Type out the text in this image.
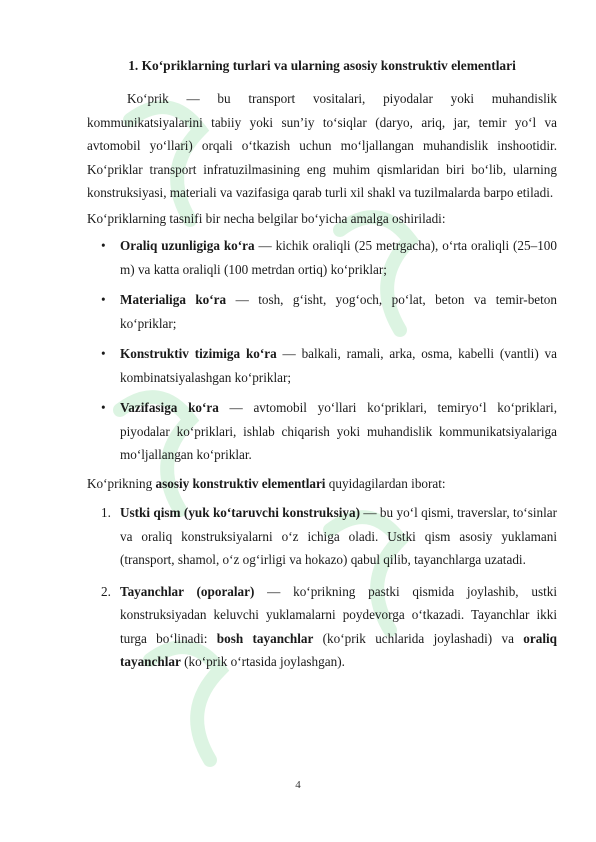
1. Ko‘priklarning turlari va ularning asosiy konstruktiv elementlari

Ko‘prik — bu transport vositalari, piyodalar yoki muhandislik kommunikatsiyalarini tabiiy yoki sun’iy to‘siqlar (daryo, ariq, jar, temir yo‘l va avtomobil yo‘llari) orqali o‘tkazish uchun mo‘ljallangan muhandislik inshootidir. Ko‘priklar transport infratuzilmasining eng muhim qismlaridan biri bo‘lib, ularning konstruksiyasi, materiali va vazifasiga qarab turli xil shakl va tuzilmalarda barpo etiladi.

Ko‘priklarning tasnifi bir necha belgilar bo‘yicha amalga oshiriladi:

• Oraliq uzunligiga ko‘ra — kichik oraliqli (25 metrgacha), o‘rta oraliqli (25–100 m) va katta oraliqli (100 metrdan ortiq) ko‘priklar;
• Materialiga ko‘ra — tosh, g‘isht, yog‘och, po‘lat, beton va temir-beton ko‘priklar;
• Konstruktiv tizimiga ko‘ra — balkali, ramali, arka, osma, kabelli (vantli) va kombinatsiyalashgan ko‘priklar;
• Vazifasiga ko‘ra — avtomobil yo‘llari ko‘priklari, temiryo‘l ko‘priklari, piyodalar ko‘priklari, ishlab chiqarish yoki muhandislik kommunikatsiyalariga mo‘ljallangan ko‘priklar.

Ko‘prikning asosiy konstruktiv elementlari quyidagilardan iborat:

1. Ustki qism (yuk ko‘taruvchi konstruksiya) — bu yo‘l qismi, traverslar, to‘sinlar va oraliq konstruksiyalarni o‘z ichiga oladi. Ustki qism asosiy yuklamani (transport, shamol, o‘z og‘irligi va hokazo) qabul qilib, tayanchlarga uzatadi.
2. Tayanchlar (oporalar) — ko‘prikning pastki qismida joylashib, ustki konstruksiyadan keluvchi yuklamalarni poydevorga o‘tkazadi. Tayanchlar ikki turga bo‘linadi: bosh tayanchlar (ko‘prik uchlarida joylashadi) va oraliq tayanchlar (ko‘prik o‘rtasida joylashgan).
4
